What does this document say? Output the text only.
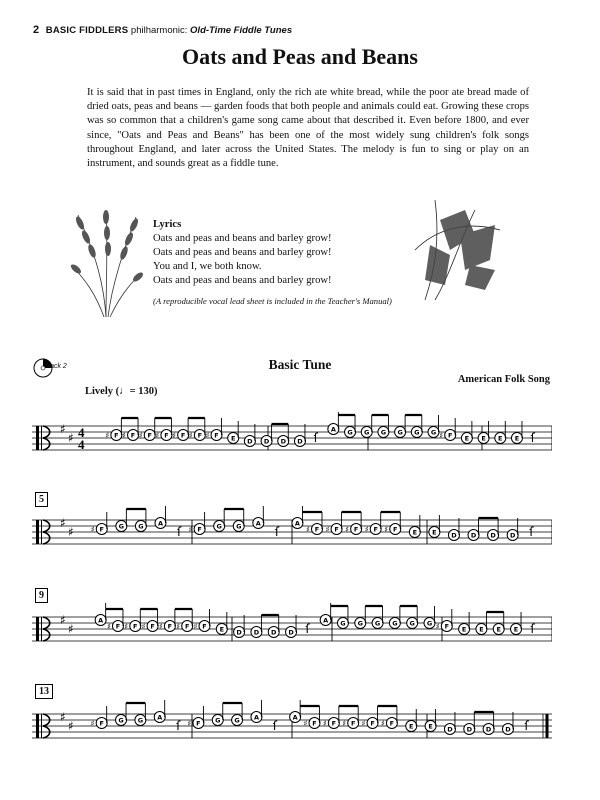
2 BASIC FIDDLERS philharmonic: Old-Time Fiddle Tunes
Oats and Peas and Beans
It is said that in past times in England, only the rich ate white bread, while the poor ate bread made of dried oats, peas and beans — garden foods that both people and animals could eat. Growing these crops was so common that a children's game song came about that described it. Even before 1800, and ever since, "Oats and Peas and Beans" has been one of the most widely sung children's folk songs throughout England, and later across the United States. The melody is fun to sing or play on an instrument, and sounds great as a fiddle tune.
Lyrics
Oats and peas and beans and barley grow!
Oats and peas and beans and barley grow!
You and I, we both know.
Oats and peas and beans and barley grow!
(A reproducible vocal lead sheet is included in the Teacher's Manual)
Track 2	Basic Tune
American Folk Song
Lively (♩= 130)
♯
♯ 4
4
F
♯	F
♯	F
♯	F
♯	F
♯	F
♯	F
♯	E D D D D ſ
A G G G G G G F
♯	E E E E ſ
♯
♯	F
♯	G G A
ſ F
♯	G G A
ſ
A
F
♯	F
♯	F
♯	F
♯	F
♯	E E D D D D ſ
♯
♯
A
F
♯	F
♯	F
♯	F
♯	F
♯	F
♯	E D D D D ſ
A G G G G G G F
♯	E E E E ſ
♯
♯	F
♯	G G A
ſ F
♯	G G A
ſ
A
F
♯	F
♯	F
♯	F
♯	F
♯	E E D D D D ſ
5
9
13
